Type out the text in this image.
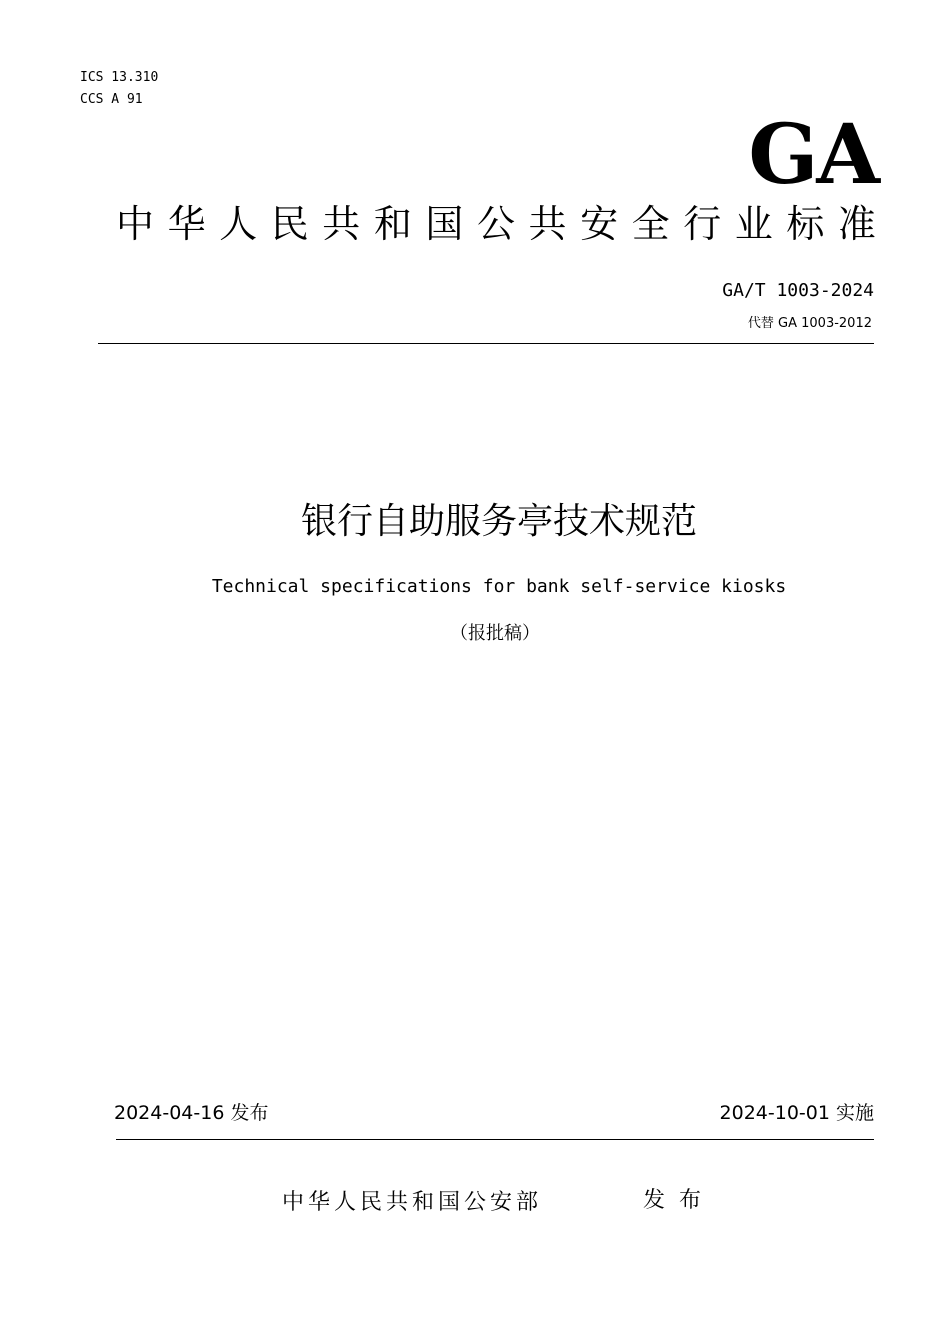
ICS 13.310
CCS A 91
GA
中 华 人 民 共 和 国 公 共 安 全 行 业 标 准
GA/T 1003-2024
代替 GA 1003-2012
银行自助服务亭技术规范
Technical specifications for bank self-service kiosks
（报批稿）
2024-04-16 发布	2024-10-01 实施
中华人民共和国公安部	发布
